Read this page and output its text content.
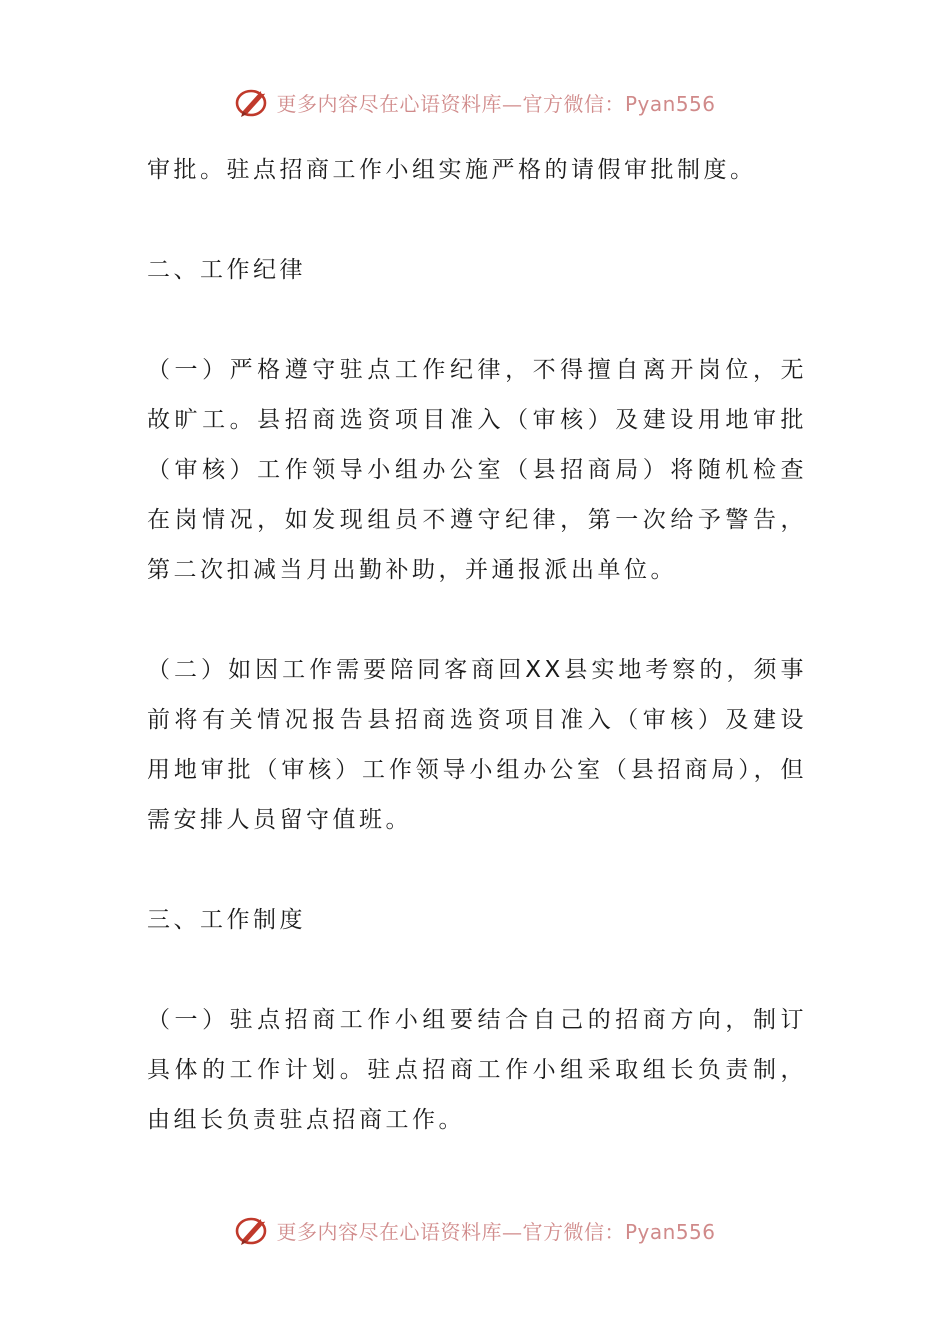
更多内容尽在心语资料库—官方微信：Pyan556

审批。驻点招商工作小组实施严格的请假审批制度。

二、工作纪律

（一）严格遵守驻点工作纪律，不得擅自离开岗位，无故旷工。县招商选资项目准入（审核）及建设用地审批（审核）工作领导小组办公室（县招商局）将随机检查在岗情况，如发现组员不遵守纪律，第一次给予警告，第二次扣减当月出勤补助，并通报派出单位。

（二）如因工作需要陪同客商回XX县实地考察的，须事前将有关情况报告县招商选资项目准入（审核）及建设用地审批（审核）工作领导小组办公室（县招商局），但需安排人员留守值班。

三、工作制度

（一）驻点招商工作小组要结合自己的招商方向，制订具体的工作计划。驻点招商工作小组采取组长负责制，由组长负责驻点招商工作。

更多内容尽在心语资料库—官方微信：Pyan556
